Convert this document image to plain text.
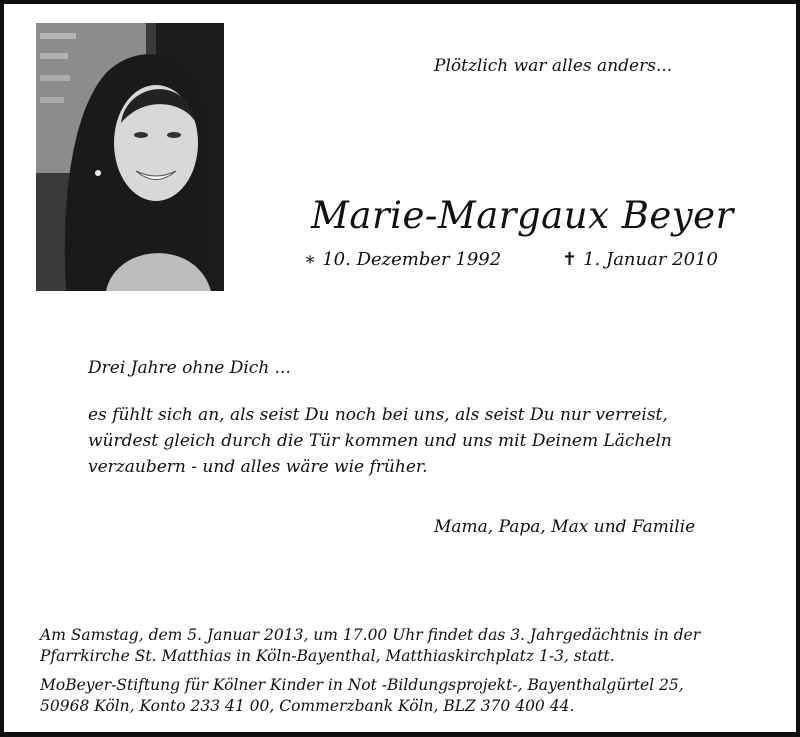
Plötzlich war alles anders...
Marie-Margaux Beyer
∗ 10. Dezember 1992	✝ 1. Januar 2010
Drei Jahre ohne Dich ...
es fühlt sich an, als seist Du noch bei uns, als seist Du nur verreist,
würdest gleich durch die Tür kommen und uns mit Deinem Lächeln
verzaubern - und alles wäre wie früher.
Mama, Papa, Max und Familie
Am Samstag, dem 5. Januar 2013, um 17.00 Uhr findet das 3. Jahrgedächtnis in der
Pfarrkirche St. Matthias in Köln-Bayenthal, Matthiaskirchplatz 1-3, statt.
MoBeyer-Stiftung für Kölner Kinder in Not -Bildungsprojekt-, Bayenthalgürtel 25,
50968 Köln, Konto 233 41 00, Commerzbank Köln, BLZ 370 400 44.
